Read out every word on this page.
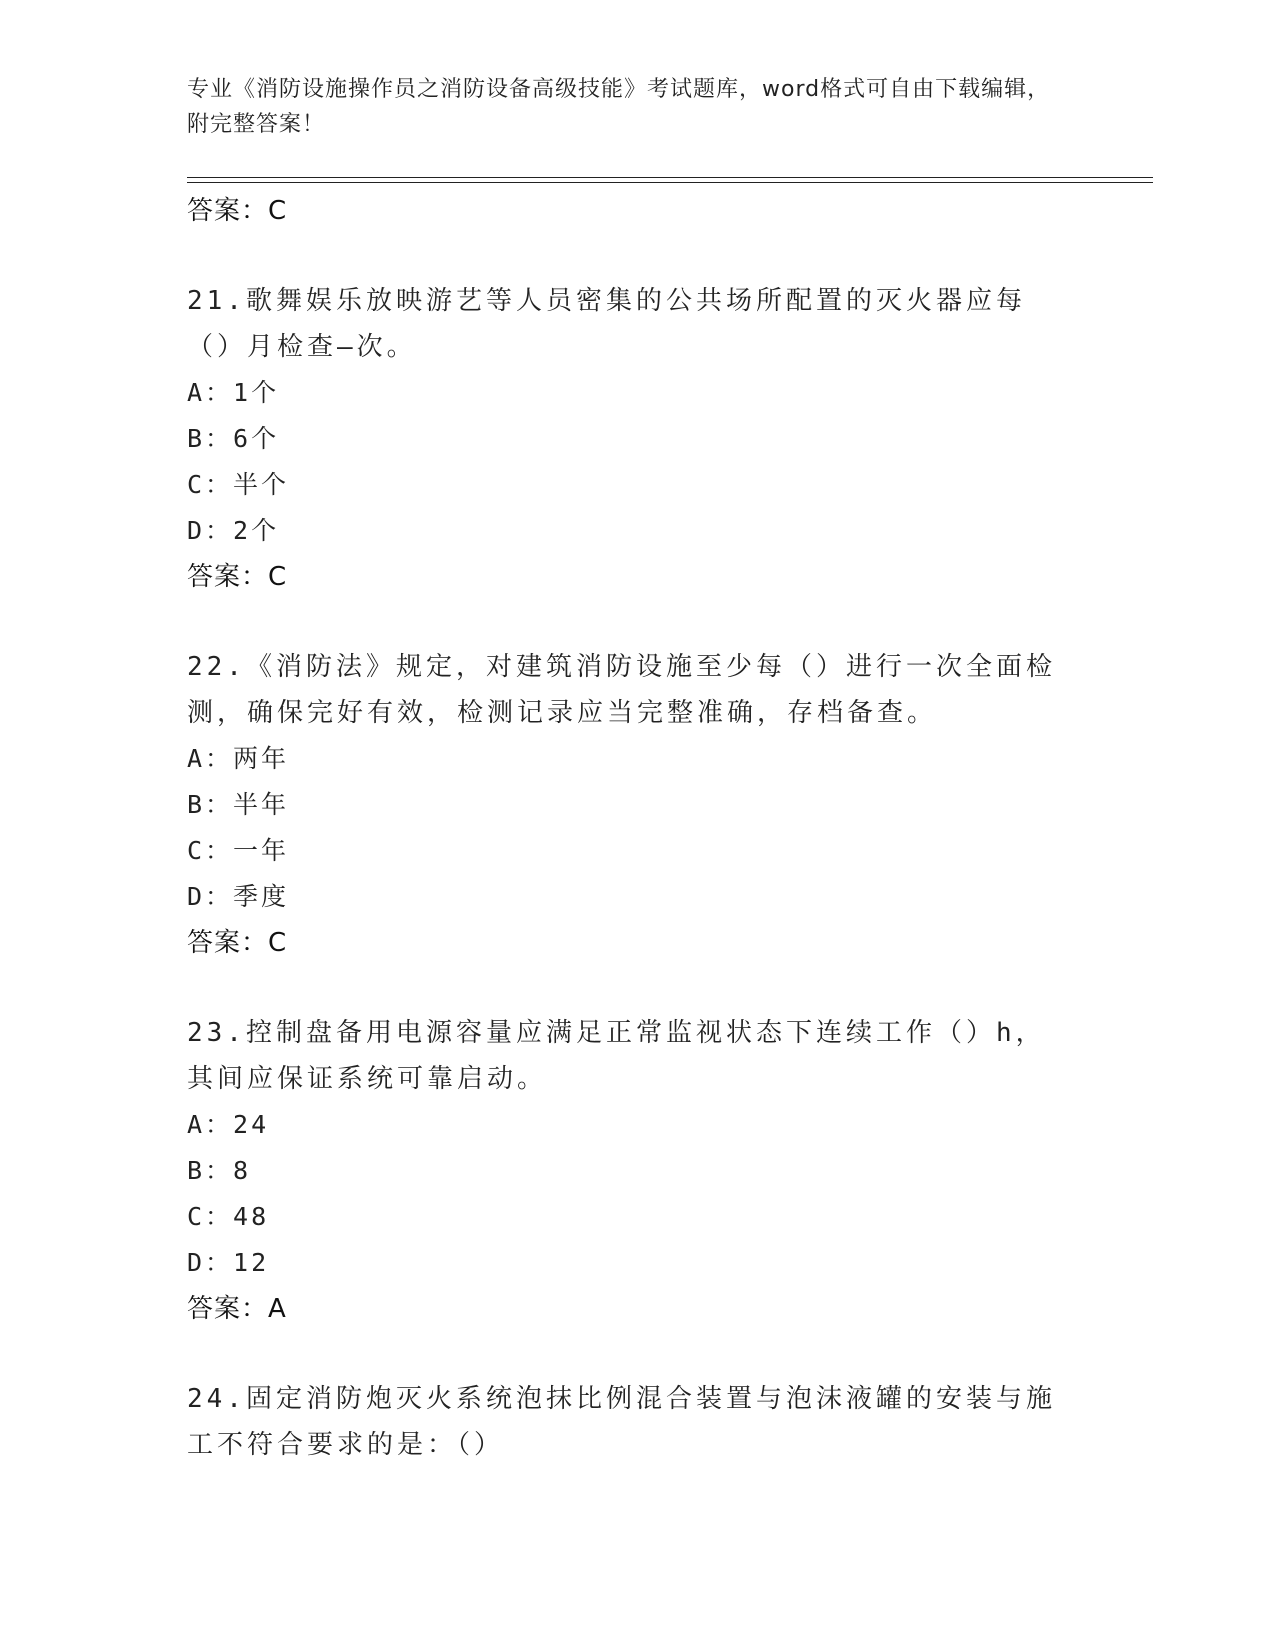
专业《消防设施操作员之消防设备高级技能》考试题库，word格式可自由下载编辑，附完整答案！
答案：C
21.歌舞娱乐放映游艺等人员密集的公共场所配置的灭火器应每（）月检查—次。
A：1个
B：6个
C：半个
D：2个
答案：C
22.《消防法》规定，对建筑消防设施至少每（）进行一次全面检测，确保完好有效，检测记录应当完整准确，存档备查。
A：两年
B：半年
C：一年
D：季度
答案：C
23.控制盘备用电源容量应满足正常监视状态下连续工作（）h，其间应保证系统可靠启动。
A：24
B：8
C：48
D：12
答案：A
24.固定消防炮灭火系统泡抹比例混合装置与泡沫液罐的安装与施工不符合要求的是：（）
